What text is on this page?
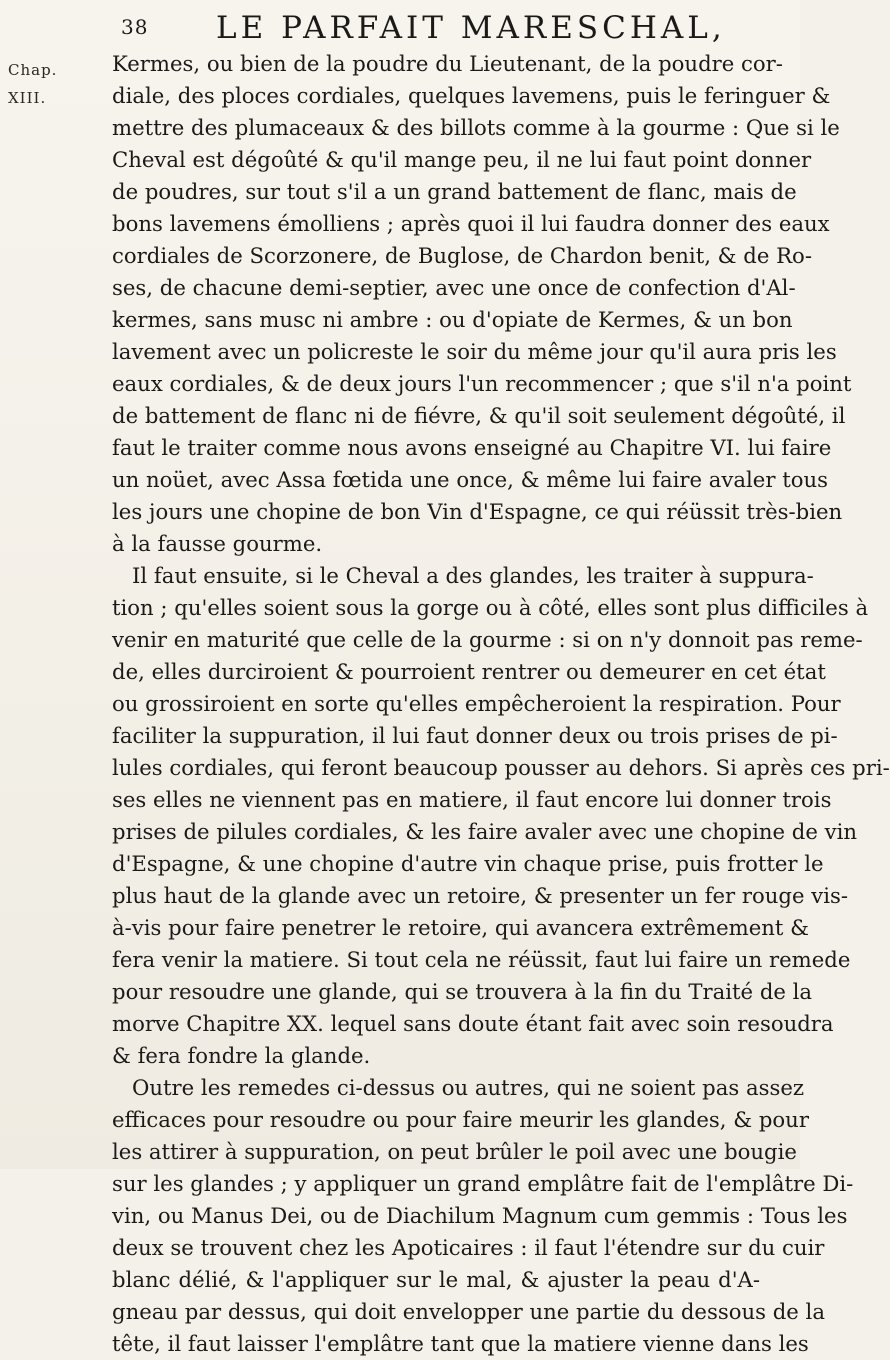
38 LE PARFAIT MARESCHAL,
Chap.
XIII.
Kermes, ou bien de la poudre du Lieutenant, de la poudre cor-
diale, des ploces cordiales, quelques lavemens, puis le feringuer &
mettre des plumaceaux & des billots comme à la gourme : Que si le
Cheval est dégoûté & qu'il mange peu, il ne lui faut point donner
de poudres, sur tout s'il a un grand battement de flanc, mais de
bons lavemens émolliens ; après quoi il lui faudra donner des eaux
cordiales de Scorzonere, de Buglose, de Chardon benit, & de Ro-
ses, de chacune demi-septier, avec une once de confection d'Al-
kermes, sans musc ni ambre : ou d'opiate de Kermes, & un bon
lavement avec un policreste le soir du même jour qu'il aura pris les
eaux cordiales, & de deux jours l'un recommencer ; que s'il n'a point
de battement de flanc ni de fiévre, & qu'il soit seulement dégoûté, il
faut le traiter comme nous avons enseigné au Chapitre VI. lui faire
un noüet, avec Assa fœtida une once, & même lui faire avaler tous
les jours une chopine de bon Vin d'Espagne, ce qui réüssit très-bien
à la fausse gourme.
Il faut ensuite, si le Cheval a des glandes, les traiter à suppura-
tion ; qu'elles soient sous la gorge ou à côté, elles sont plus difficiles à
venir en maturité que celle de la gourme : si on n'y donnoit pas reme-
de, elles durciroient & pourroient rentrer ou demeurer en cet état
ou grossiroient en sorte qu'elles empêcheroient la respiration. Pour
faciliter la suppuration, il lui faut donner deux ou trois prises de pi-
lules cordiales, qui feront beaucoup pousser au dehors. Si après ces pri-
ses elles ne viennent pas en matiere, il faut encore lui donner trois
prises de pilules cordiales, & les faire avaler avec une chopine de vin
d'Espagne, & une chopine d'autre vin chaque prise, puis frotter le
plus haut de la glande avec un retoire, & presenter un fer rouge vis-
à-vis pour faire penetrer le retoire, qui avancera extrêmement &
fera venir la matiere. Si tout cela ne réüssit, faut lui faire un remede
pour resoudre une glande, qui se trouvera à la fin du Traité de la
morve Chapitre XX. lequel sans doute étant fait avec soin resoudra
& fera fondre la glande.
Outre les remedes ci-dessus ou autres, qui ne soient pas assez
efficaces pour resoudre ou pour faire meurir les glandes, & pour
les attirer à suppuration, on peut brûler le poil avec une bougie
sur les glandes ; y appliquer un grand emplâtre fait de l'emplâtre Di-
vin, ou Manus Dei, ou de Diachilum Magnum cum gemmis : Tous les
deux se trouvent chez les Apoticaires : il faut l'étendre sur du cuir
blanc délié, & l'appliquer sur le mal, & ajuster la peau d'A-
gneau par dessus, qui doit envelopper une partie du dessous de la
tête, il faut laisser l'emplâtre tant que la matiere vienne dans les
